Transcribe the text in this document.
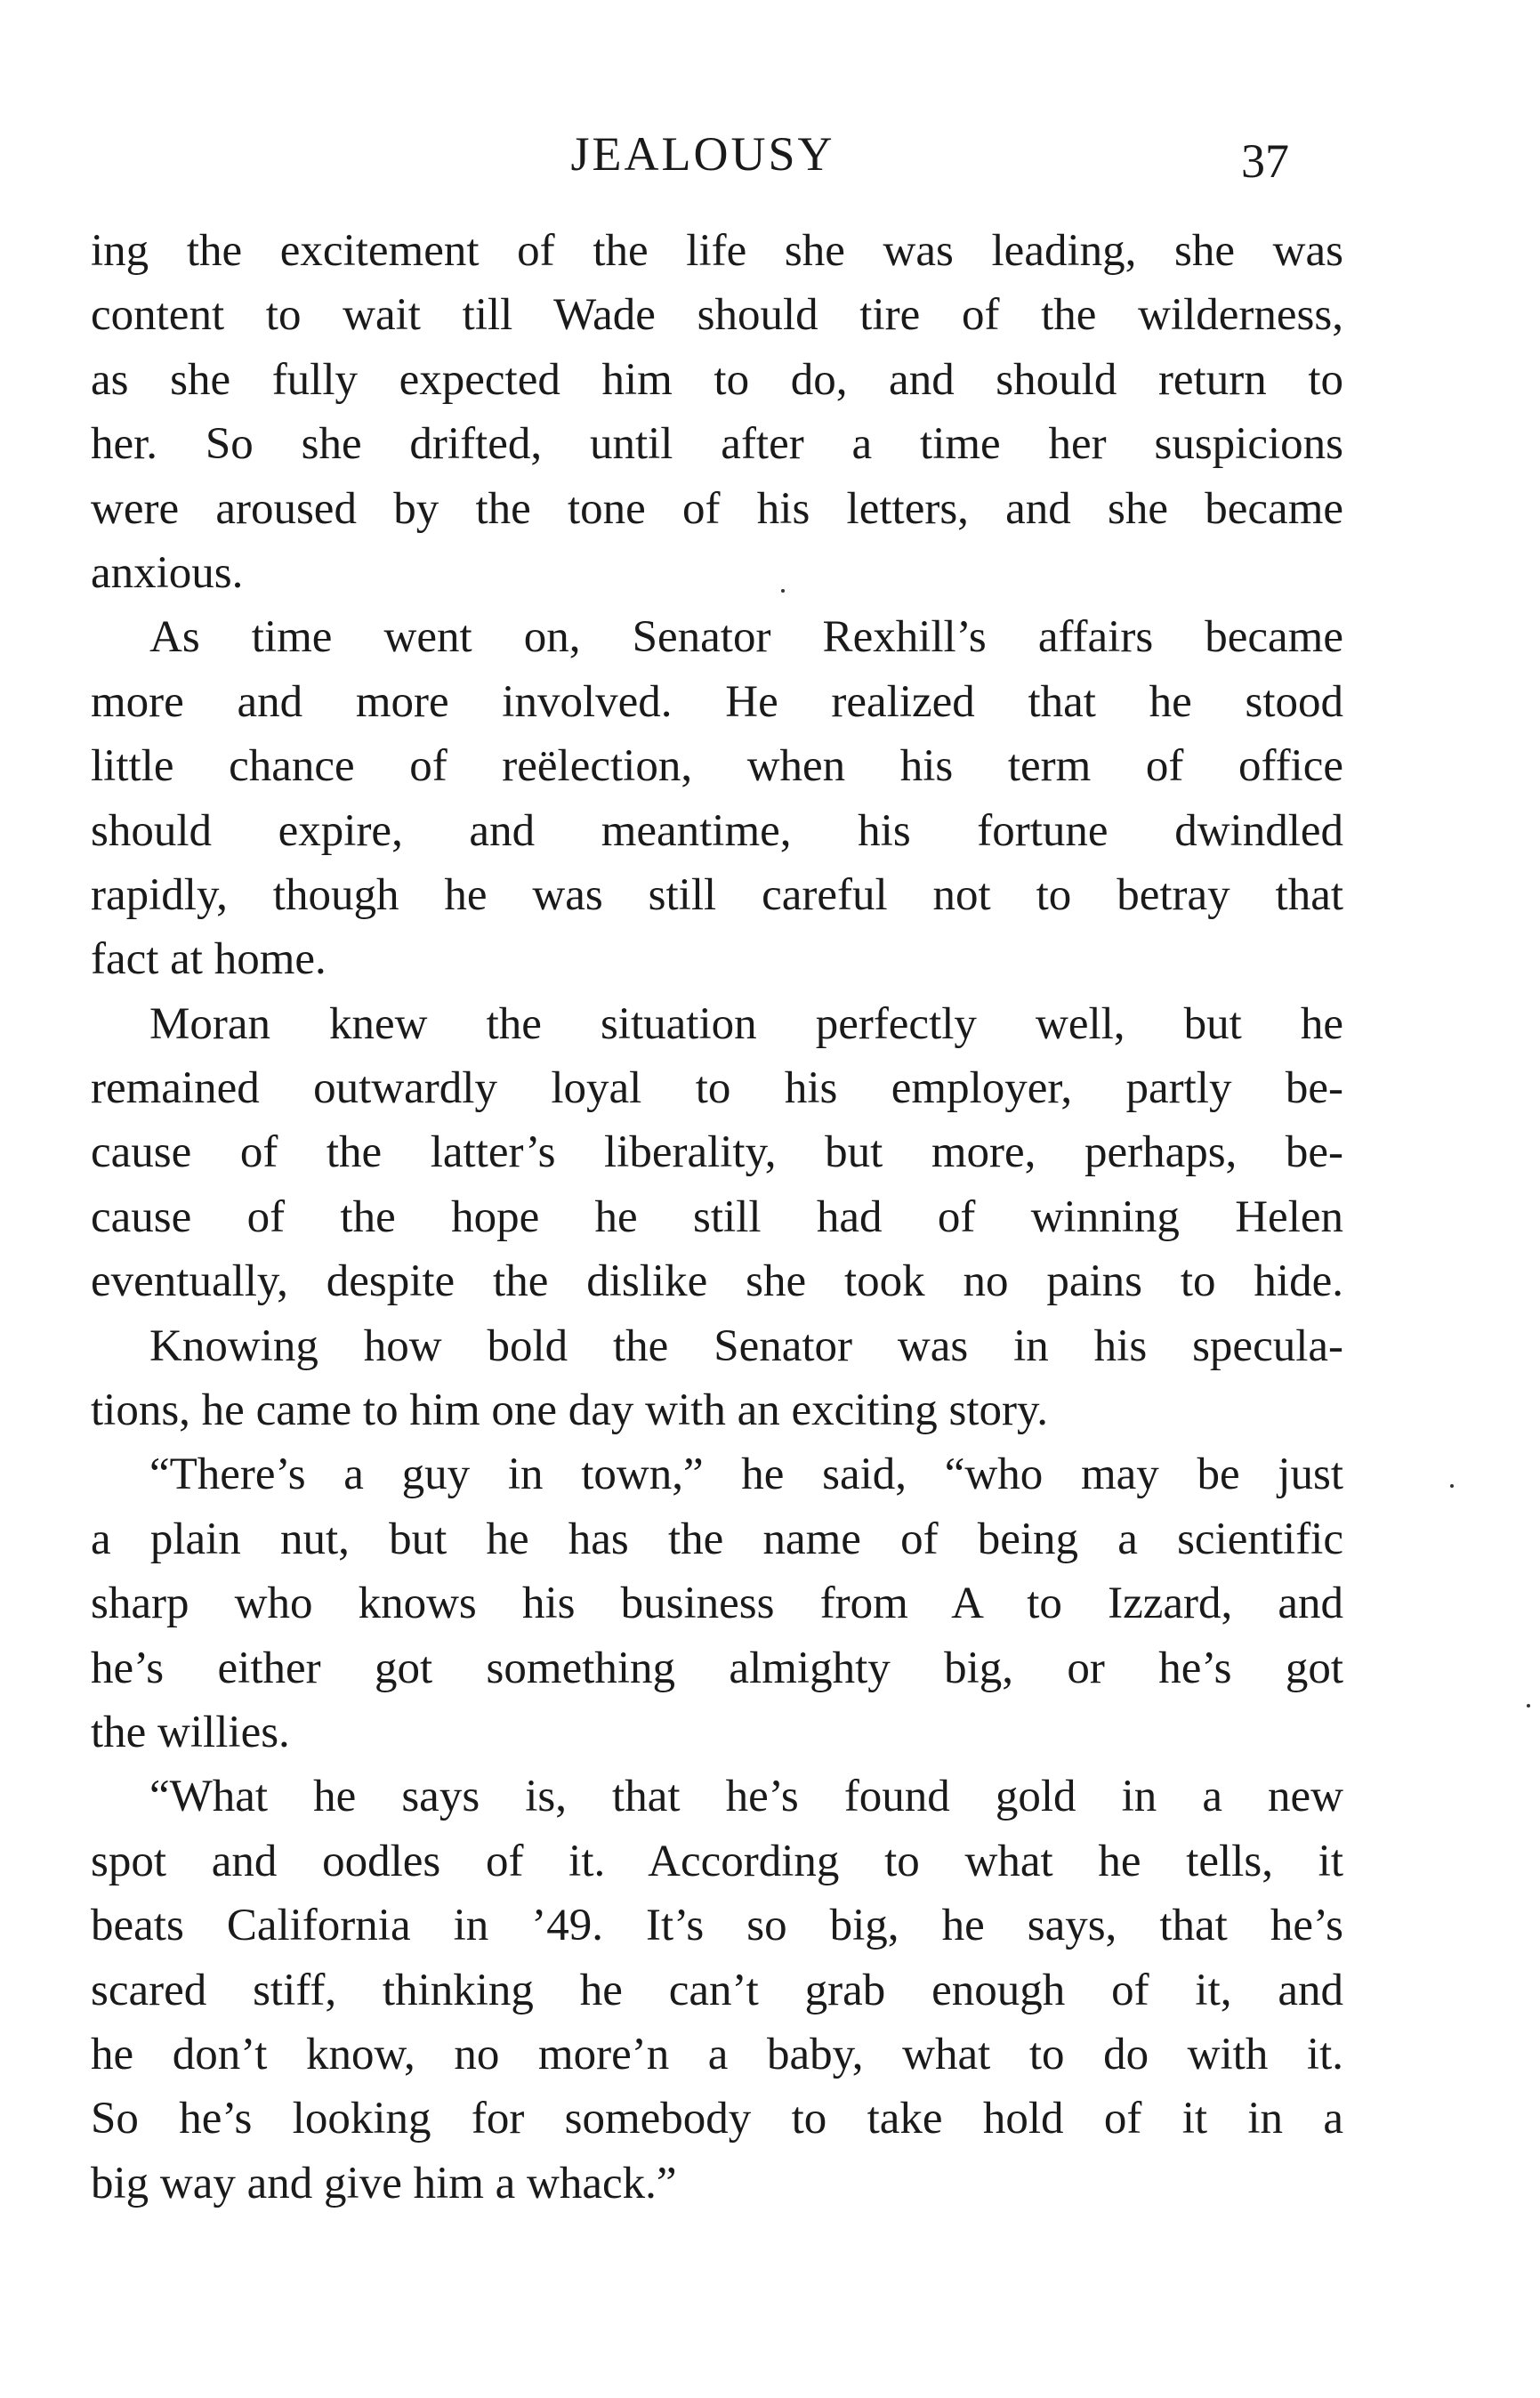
JEALOUSY	37
ing the excitement of the life she was leading, she was
content to wait till Wade should tire of the wilderness,
as she fully expected him to do, and should return to
her. So she drifted, until after a time her suspicions
were aroused by the tone of his letters, and she became
anxious.
As time went on, Senator Rexhill’s affairs became
more and more involved. He realized that he stood
little chance of reëlection, when his term of office
should expire, and meantime, his fortune dwindled
rapidly, though he was still careful not to betray that
fact at home.
Moran knew the situation perfectly well, but he
remained outwardly loyal to his employer, partly be-
cause of the latter’s liberality, but more, perhaps, be-
cause of the hope he still had of winning Helen
eventually, despite the dislike she took no pains to hide.
Knowing how bold the Senator was in his specula-
tions, he came to him one day with an exciting story.
“There’s a guy in town,” he said, “who may be just
a plain nut, but he has the name of being a scientific
sharp who knows his business from A to Izzard, and
he’s either got something almighty big, or he’s got
the willies.
“What he says is, that he’s found gold in a new
spot and oodles of it. According to what he tells, it
beats California in ’49. It’s so big, he says, that he’s
scared stiff, thinking he can’t grab enough of it, and
he don’t know, no more’n a baby, what to do with it.
So he’s looking for somebody to take hold of it in a
big way and give him a whack.”
